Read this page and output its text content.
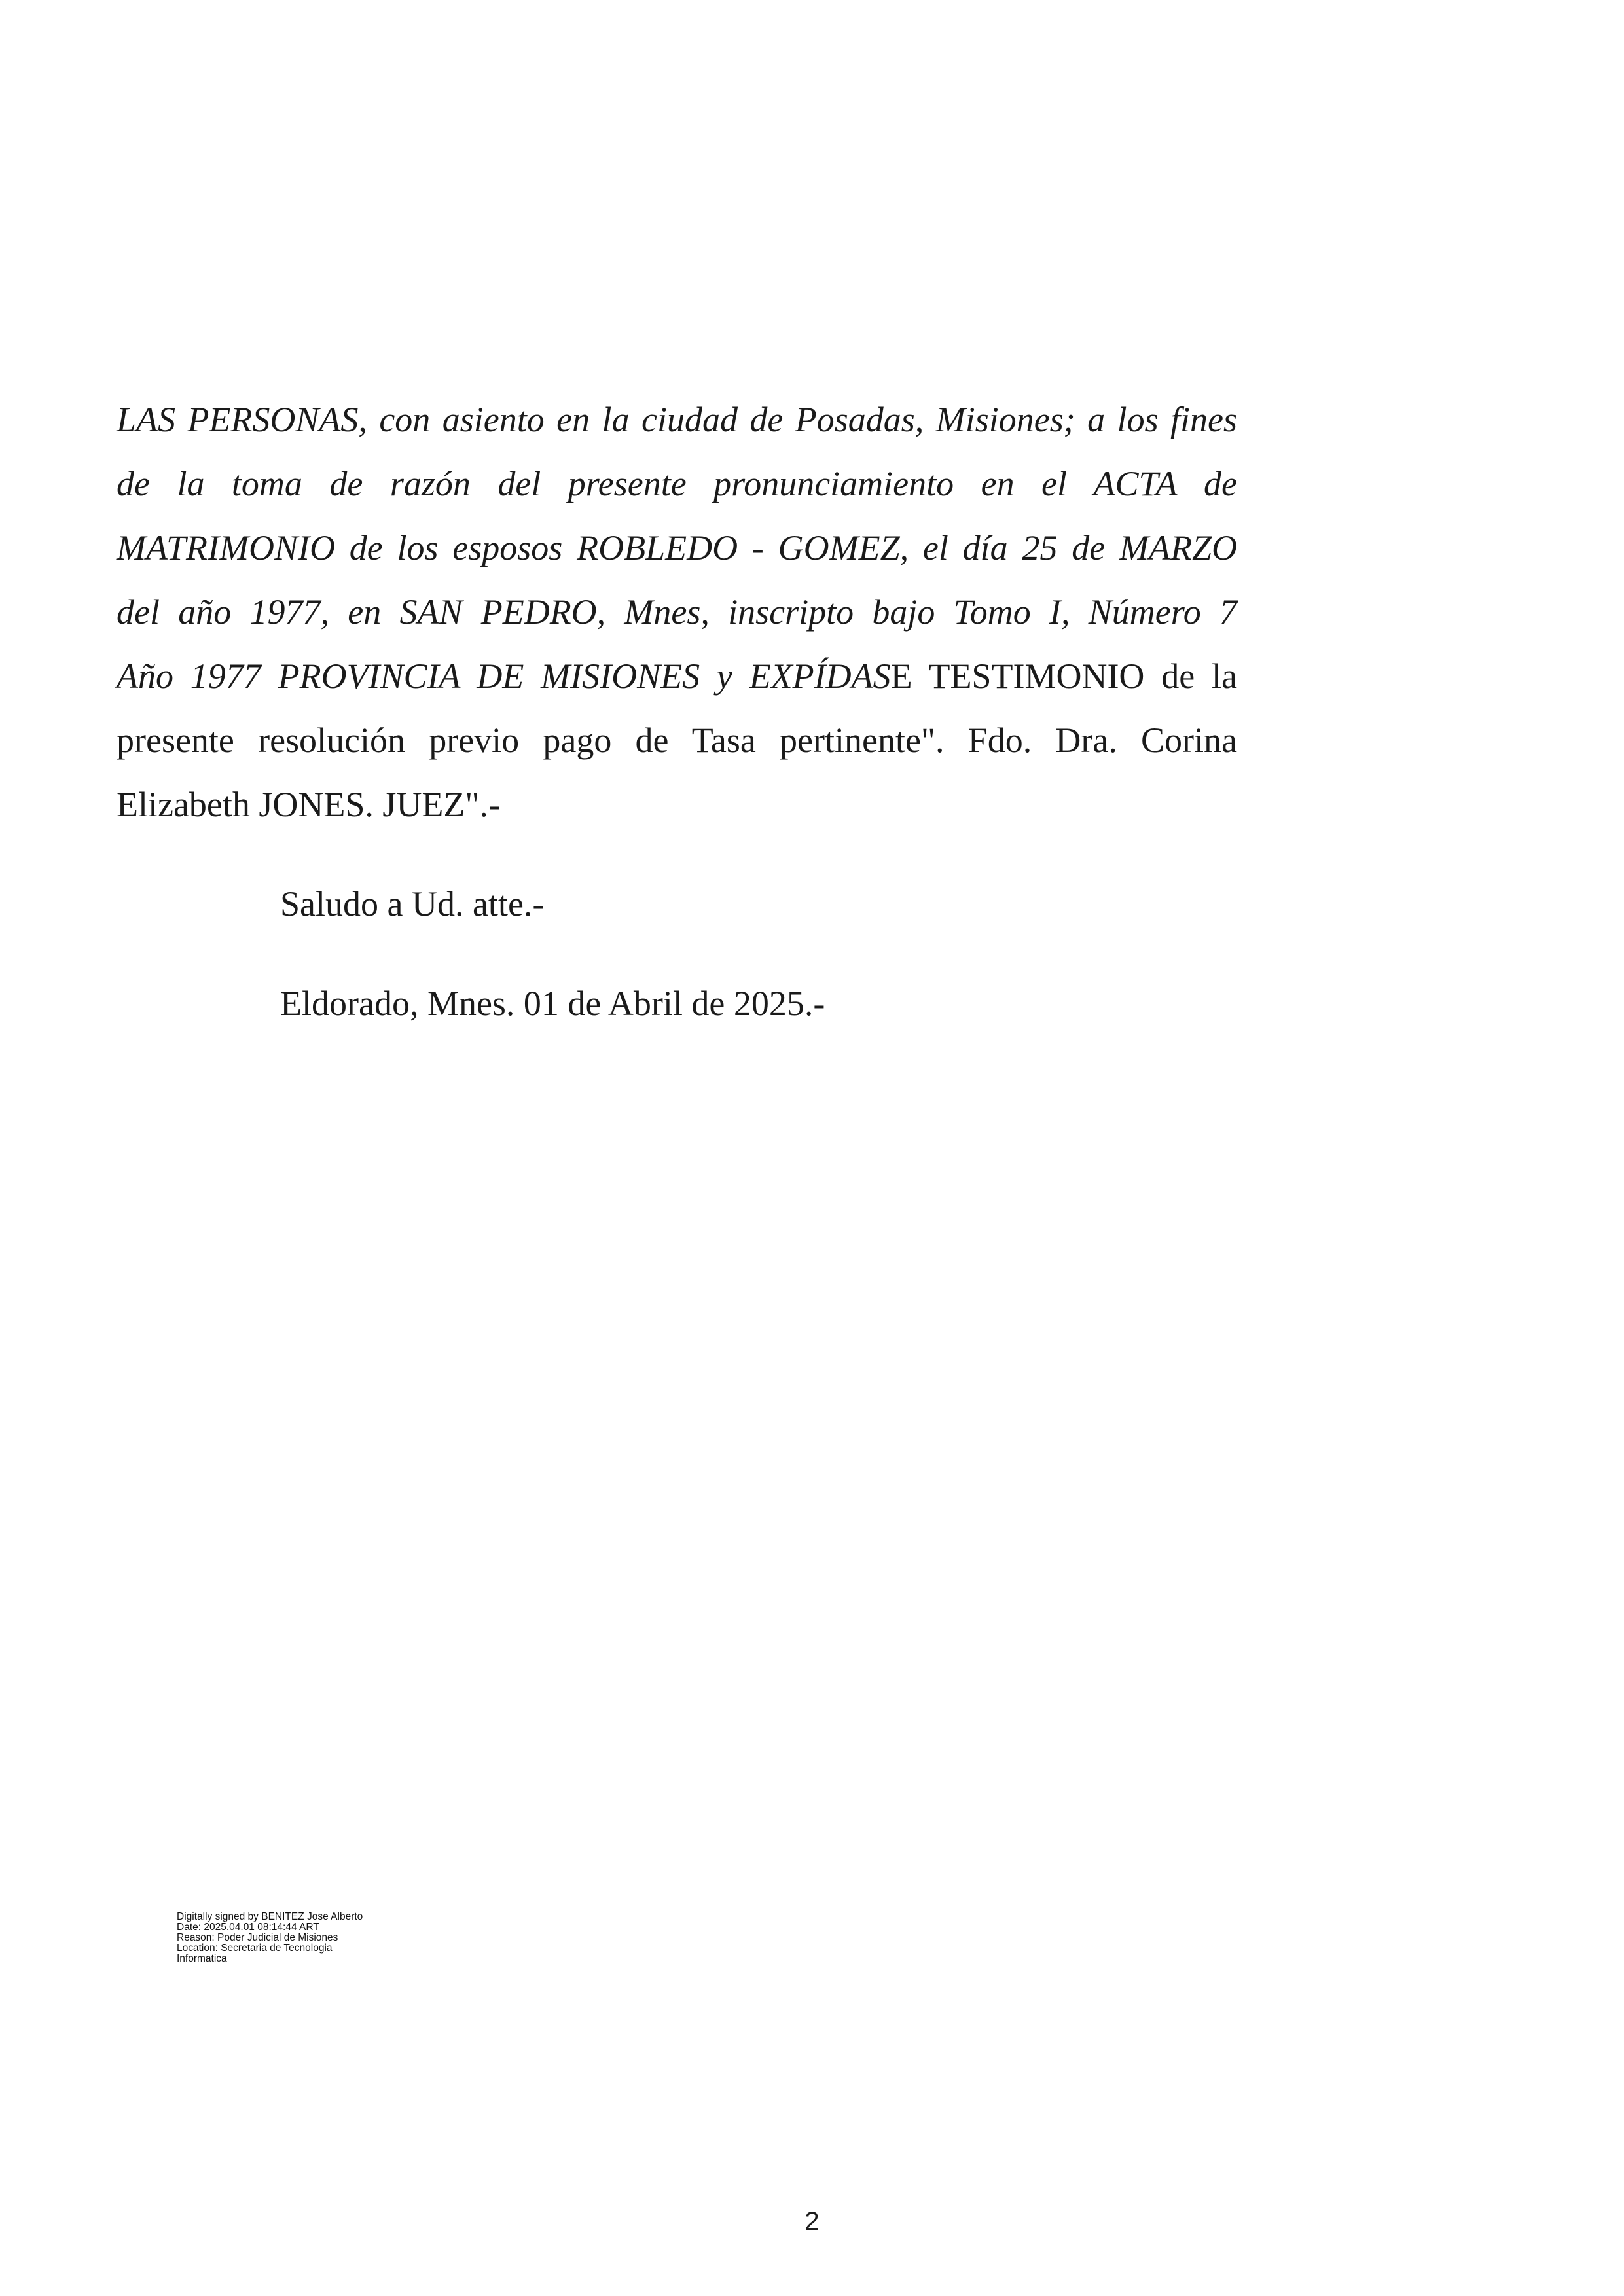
LAS PERSONAS, con asiento en la ciudad de Posadas, Misiones; a los fines
de la toma de razón del presente pronunciamiento en el ACTA de
MATRIMONIO de los esposos ROBLEDO - GOMEZ, el día 25 de MARZO
del año 1977, en SAN PEDRO, Mnes, inscripto bajo Tomo I, Número 7
Año 1977 PROVINCIA DE MISIONES y EXPÍDASE TESTIMONIO de la
presente resolución previo pago de Tasa pertinente". Fdo. Dra. Corina
Elizabeth JONES. JUEZ".-
Saludo a Ud. atte.-
Eldorado, Mnes. 01 de Abril de 2025.-
Digitally signed by BENITEZ Jose Alberto
Date: 2025.04.01 08:14:44 ART
Reason: Poder Judicial de Misiones
Location: Secretaria de Tecnologia
Informatica
2
